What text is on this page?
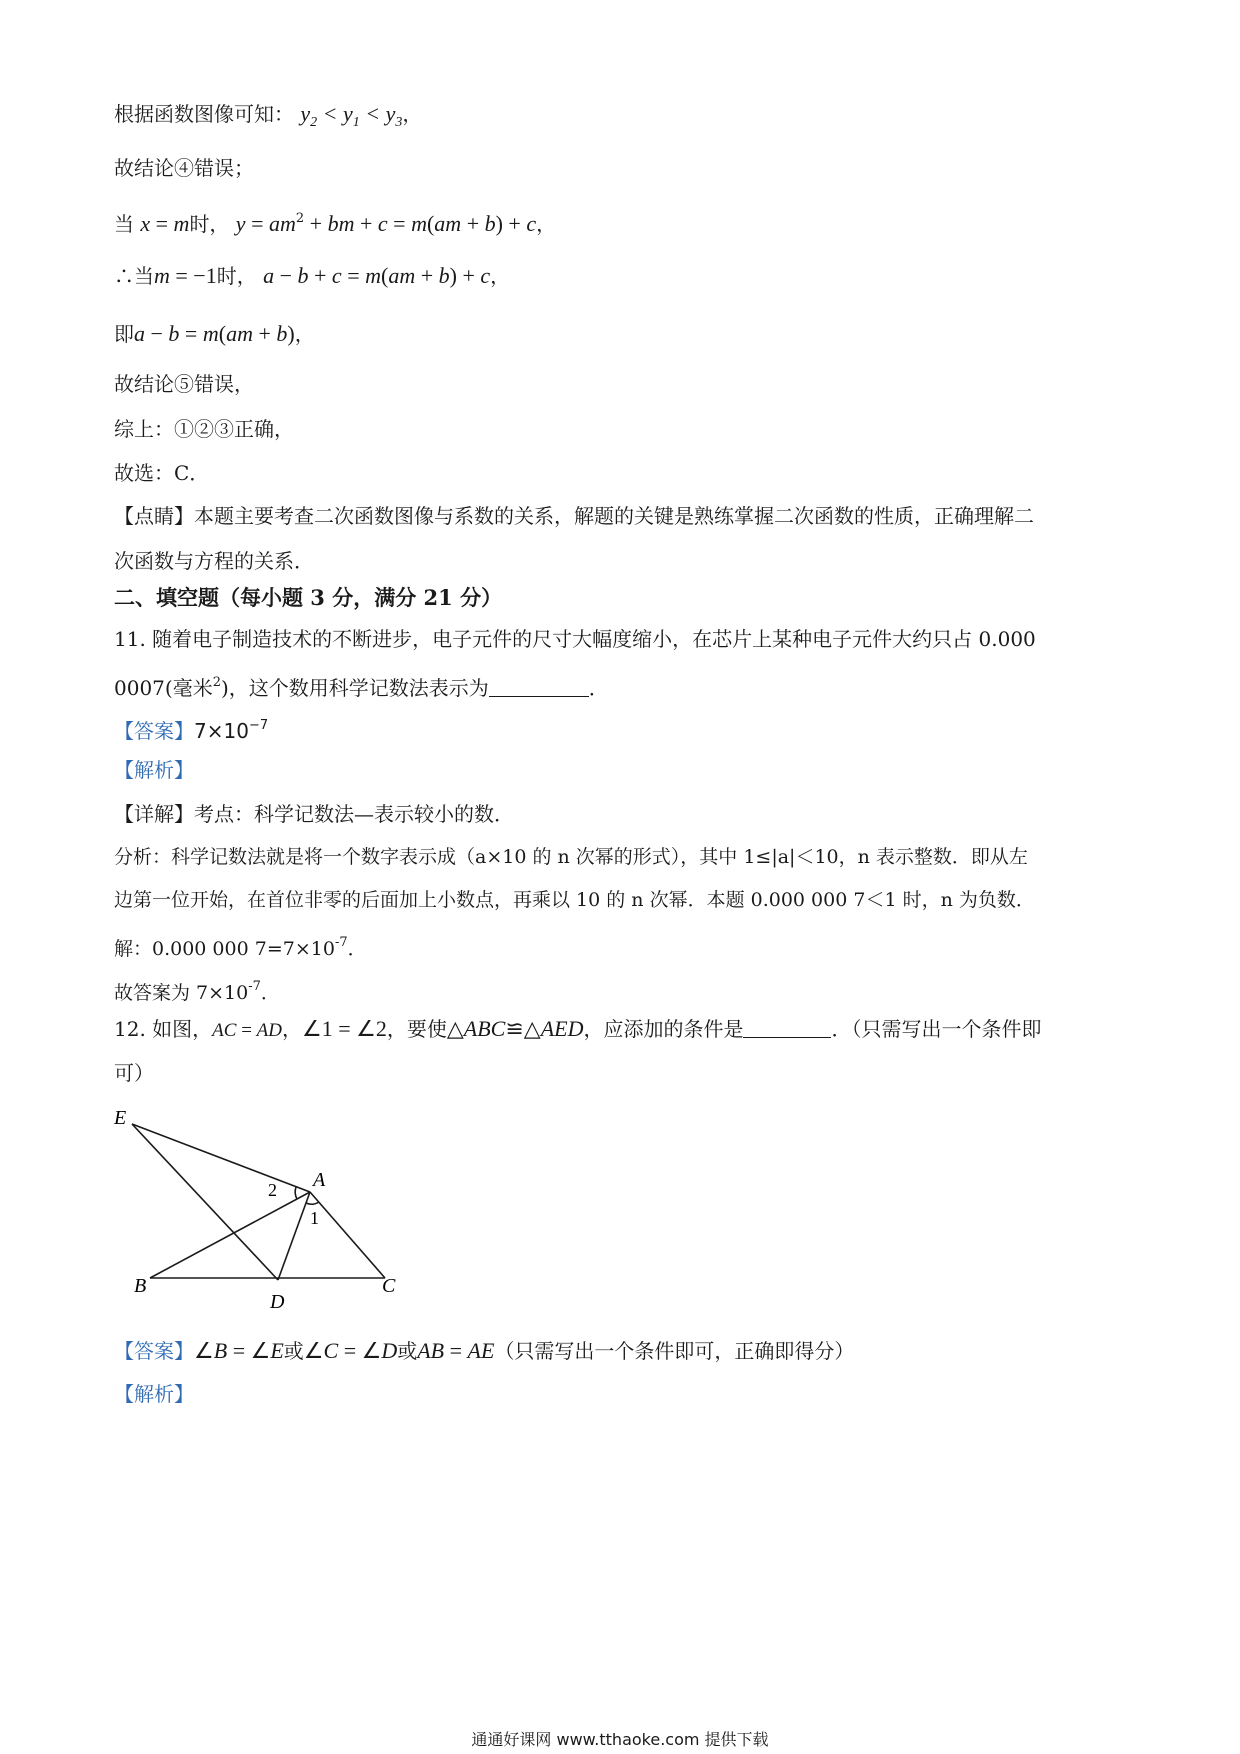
根据函数图像可知： $y_2 < y_1 < y_3$，
故结论④错误；
当 x = m时， $y = am^2$ + bm + c = m(am + b) + c，
∴当m = −1时， a − b + c = m(am + b) + c，
即a − b = m(am + b)，
故结论⑤错误，
综上：①②③正确，
故选：C．
【点睛】本题主要考查二次函数图像与系数的关系，解题的关键是熟练掌握二次函数的性质，正确理解二
次函数与方程的关系．
二、填空题（每小题 3 分，满分 21 分）
11. 随着电子制造技术的不断进步，电子元件的尺寸大幅度缩小，在芯片上某种电子元件大约只占 0.000
0007(毫米$^2$)，这个数用科学记数法表示为	．
【答案】$7\times 10^{-7}$
【解析】
【详解】考点：科学记数法—表示较小的数．
分析：科学记数法就是将一个数字表示成（a×10 的 n 次幂的形式），其中 1≤|a|＜10，n 表示整数．即从左
边第一位开始，在首位非零的后面加上小数点，再乘以 10 的 n 次幂．本题 0.000 000 7＜1 时，n 为负数．
解：0.000 000 $7=7\times 10^{-7}$．
故答案为 $7\times 10^{-7}$．
12. 如图，AC = AD，∠1 = ∠2，要使△ABC≌△AED，应添加的条件是	．（只需写出一个条件即
可）
E
A
2
1
B	C
D
【答案】∠B = ∠E或∠C = ∠D或AB = AE（只需写出一个条件即可，正确即得分）
【解析】
通通好课网 www.tthaoke.com 提供下载
